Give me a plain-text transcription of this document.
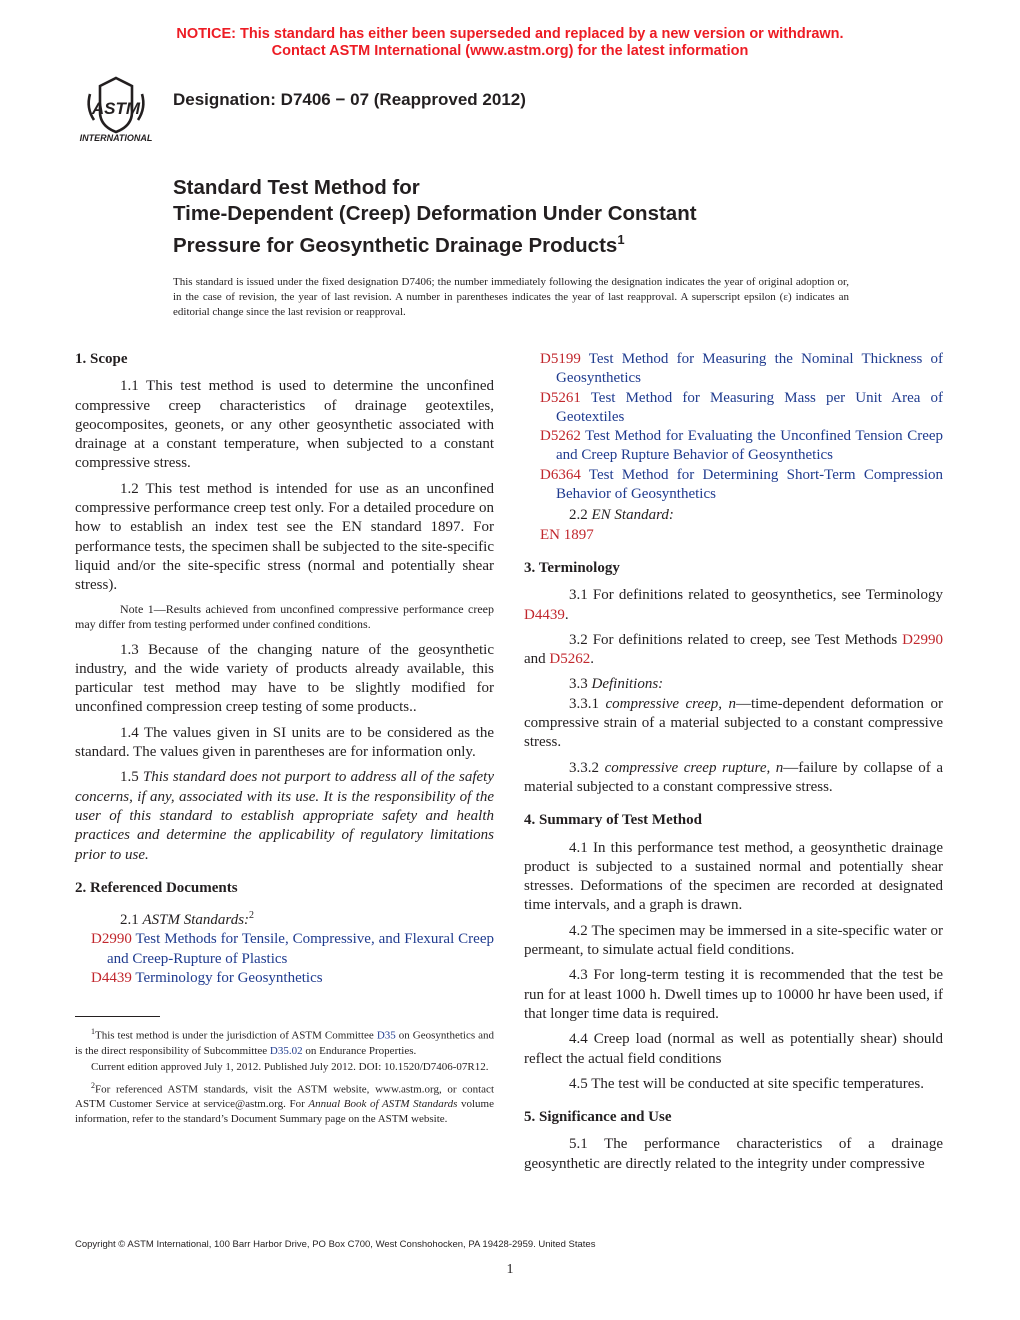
NOTICE: This standard has either been superseded and replaced by a new version or withdrawn.
Contact ASTM International (www.astm.org) for the latest information
ASTM
INTERNATIONAL
Designation: D7406 − 07 (Reapproved 2012)
Standard Test Method for
Time-Dependent (Creep) Deformation Under Constant
Pressure for Geosynthetic Drainage Products$^1$
This standard is issued under the fixed designation D7406; the number immediately following the designation indicates the year of original adoption or, in the case of revision, the year of last revision. A number in parentheses indicates the year of last reapproval. A superscript epsilon (ε) indicates an editorial change since the last revision or reapproval.
1. Scope

1.1 This test method is used to determine the unconfined compressive creep characteristics of drainage geotextiles, geocomposites, geonets, or any other geosynthetic associated with drainage at a constant temperature, when subjected to a constant compressive stress.

1.2 This test method is intended for use as an unconfined compressive performance creep test only. For a detailed procedure on how to establish an index test see the EN standard 1897. For performance tests, the specimen shall be subjected to the site-specific liquid and/or the site-specific stress (normal and potentially shear stress).

Note 1—Results achieved from unconfined compressive performance creep may differ from testing performed under confined conditions.

1.3 Because of the changing nature of the geosynthetic industry, and the wide variety of products already available, this particular test method may have to be slightly modified for unconfined compression creep testing of some products..

1.4 The values given in SI units are to be considered as the standard. The values given in parentheses are for information only.

1.5 This standard does not purport to address all of the safety concerns, if any, associated with its use. It is the responsibility of the user of this standard to establish appropriate safety and health practices and determine the applicability of regulatory limitations prior to use.

2. Referenced Documents

2.1 ASTM Standards:$^2$

D2990 Test Methods for Tensile, Compressive, and Flexural Creep and Creep-Rupture of Plastics
D4439 Terminology for Geosynthetics
$^1$This test method is under the jurisdiction of ASTM Committee D35 on Geosynthetics and is the direct responsibility of Subcommittee D35.02 on Endurance Properties.
Current edition approved July 1, 2012. Published July 2012. DOI: 10.1520/D7406-07R12.
$^2$For referenced ASTM standards, visit the ASTM website, www.astm.org, or contact ASTM Customer Service at service@astm.org. For Annual Book of ASTM Standards volume information, refer to the standard’s Document Summary page on the ASTM website.
D5199 Test Method for Measuring the Nominal Thickness of Geosynthetics
D5261 Test Method for Measuring Mass per Unit Area of Geotextiles
D5262 Test Method for Evaluating the Unconfined Tension Creep and Creep Rupture Behavior of Geosynthetics
D6364 Test Method for Determining Short-Term Compression Behavior of Geosynthetics

2.2 EN Standard:

EN 1897
3. Terminology

3.1 For definitions related to geosynthetics, see Terminology D4439.

3.2 For definitions related to creep, see Test Methods D2990 and D5262.

3.3 Definitions:

3.3.1 compressive creep, n—time-dependent deformation or compressive strain of a material subjected to a constant compressive stress.

3.3.2 compressive creep rupture, n—failure by collapse of a material subjected to a constant compressive stress.

4. Summary of Test Method

4.1 In this performance test method, a geosynthetic drainage product is subjected to a sustained normal and potentially shear stresses. Deformations of the specimen are recorded at designated time intervals, and a graph is drawn.

4.2 The specimen may be immersed in a site-specific water or permeant, to simulate actual field conditions.

4.3 For long-term testing it is recommended that the test be run for at least 1000 h. Dwell times up to 10000 hr have been used, if that longer time data is required.

4.4 Creep load (normal as well as potentially shear) should reflect the actual field conditions

4.5 The test will be conducted at site specific temperatures.

5. Significance and Use

5.1 The performance characteristics of a drainage geosynthetic are directly related to the integrity under compressive

Copyright © ASTM International, 100 Barr Harbor Drive, PO Box C700, West Conshohocken, PA 19428-2959. United States
1
